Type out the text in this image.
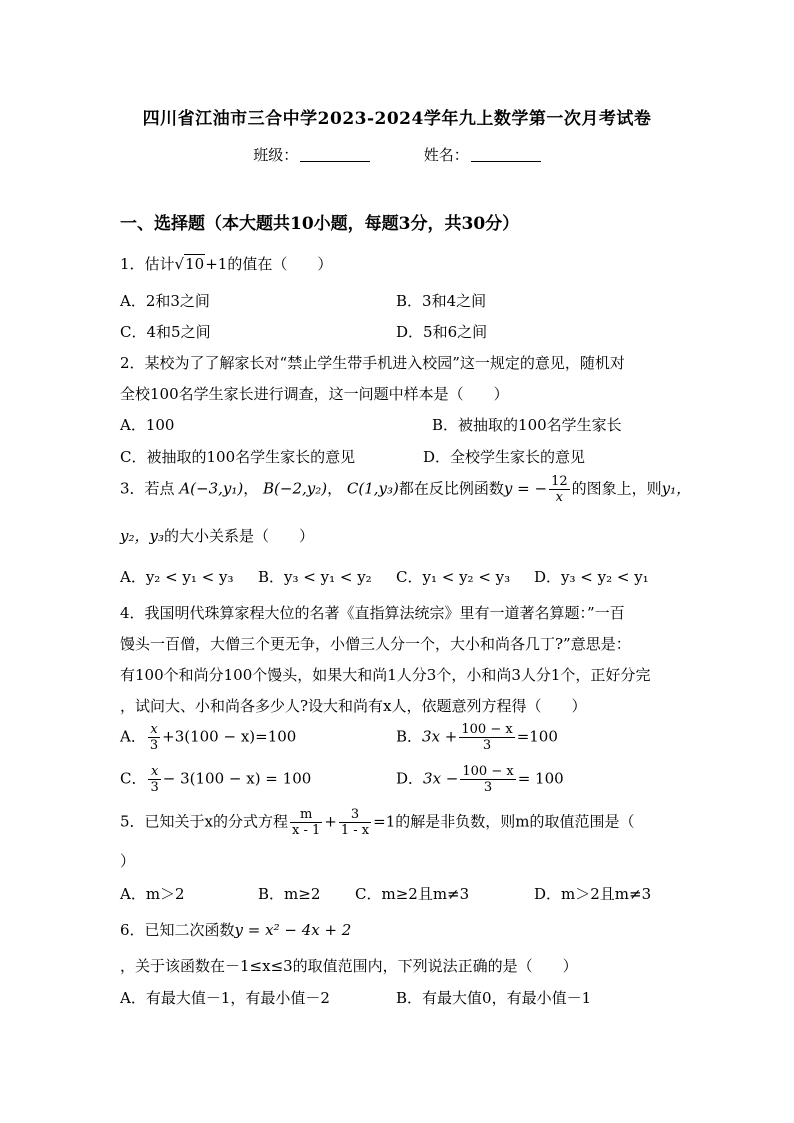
四川省江油市三合中学2023-2024学年九上数学第一次月考试卷
班级：	姓名：
一、选择题（本大题共10小题，每题3分，共30分）
1．估计√10+1的值在（　　）
A．2和3之间	B．3和4之间
C．4和5之间	D．5和6之间
2．某校为了了解家长对“禁止学生带手机进入校园”这一规定的意见，随机对
全校100名学生家长进行调查，这一问题中样本是（　　）
A．100	B．被抽取的100名学生家长
C．被抽取的100名学生家长的意见	D．全校学生家长的意见
3．若点 A(−3,y₁)， B(−2,y₂)， C(1,y₃)都在反比例函数y = − $\frac{12}{x}$ 的图象上，则y₁，
y₂，y₃的大小关系是（　　）
A．y₂ < y₁ < y₃ B．y₃ < y₁ < y₂ C．y₁ < y₂ < y₃ D．y₃ < y₂ < y₁
4．我国明代珠算家程大位的名著《直指算法统宗》里有一道著名算题：”一百
馒头一百僧，大僧三个更无争，小僧三人分一个，大小和尚各几丁?”意思是：
有100个和尚分100个馒头，如果大和尚1人分3个，小和尚3人分1个，正好分完
，试问大、小和尚各多少人?设大和尚有x人，依题意列方程得（　　）
A． $\frac{x}{3} +3(100 - x)=100$	B．$3x + \frac{100 - x}{3} =100$
C． $\frac{x}{3} - 3(100 - x) = 100$	D．$3x - \frac{100 - x}{3} = 100$
5．已知关于x的分式方程 $\frac{m}{x - 1} + \frac{3}{1 - x} =1$的解是非负数，则m的取值范围是（
）
A．m＞2	B．m≥2 C．m≥2且m≠3	D．m＞2且m≠3
6．已知二次函数y = x² − 4x + 2
，关于该函数在－1≤x≤3的取值范围内，下列说法正确的是（　　）
A．有最大值－1，有最小值－2	B．有最大值0，有最小值－1
